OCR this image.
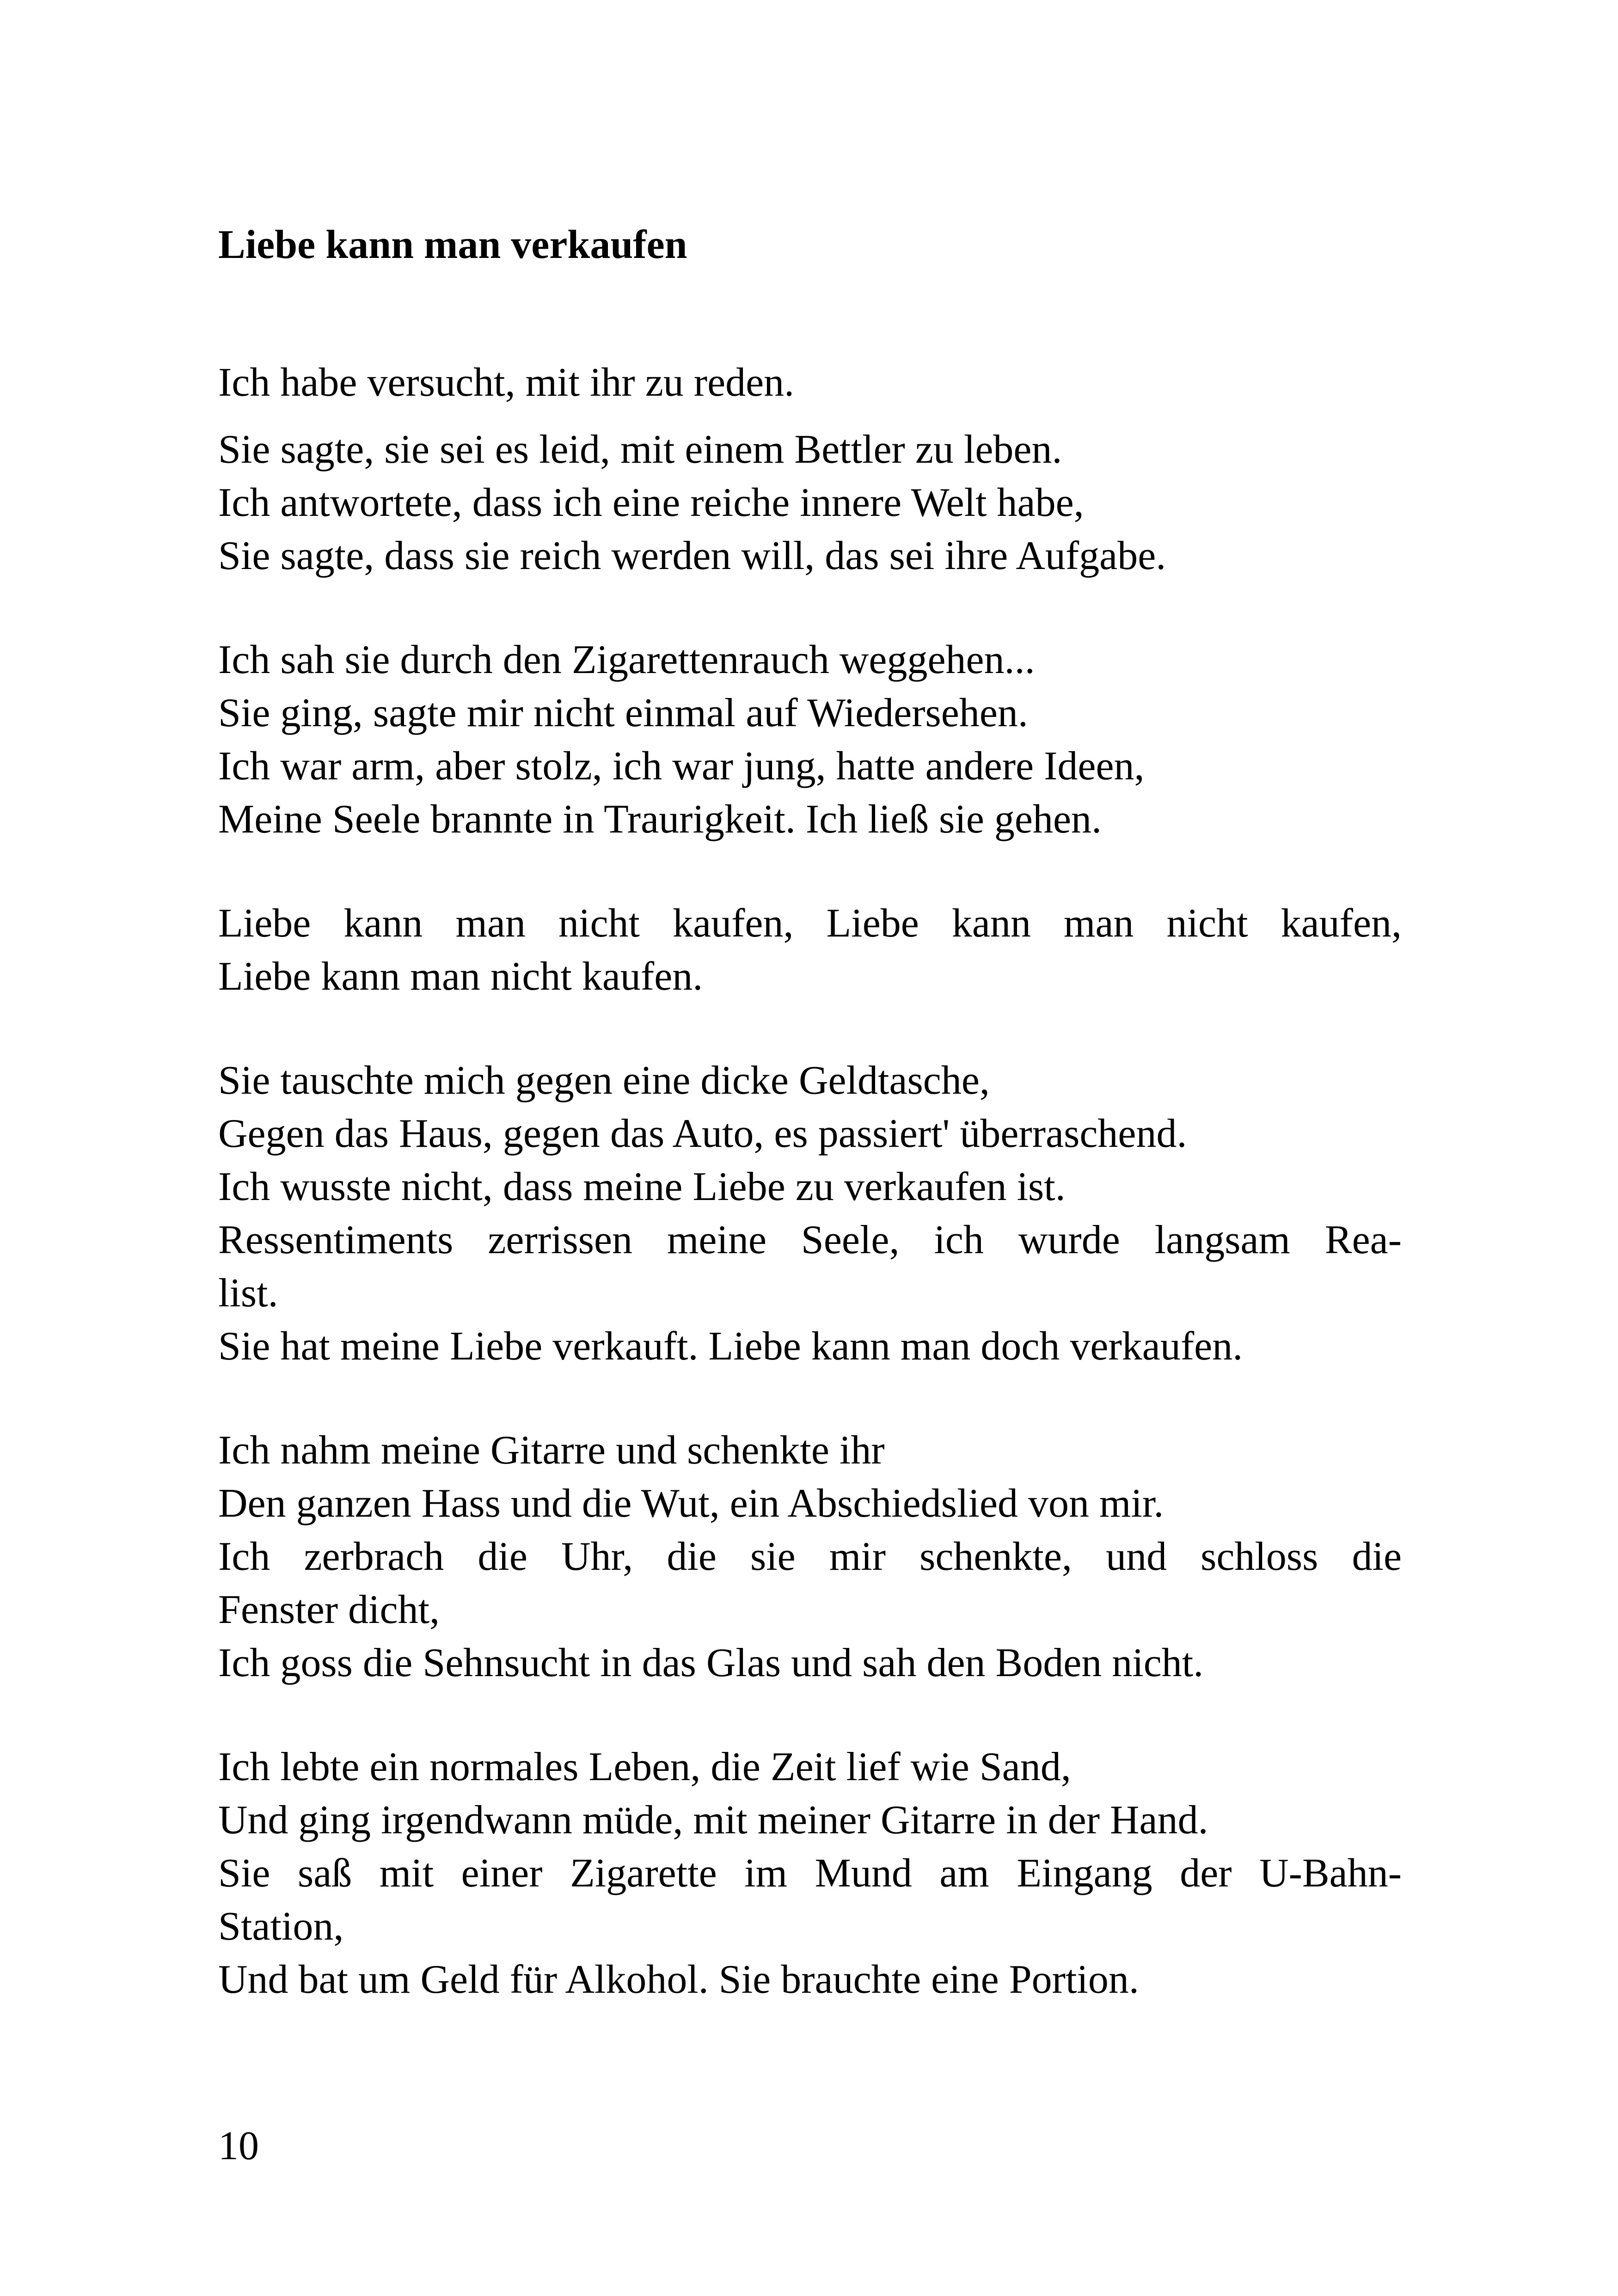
Liebe kann man verkaufen
Ich habe versucht, mit ihr zu reden.
Sie sagte, sie sei es leid, mit einem Bettler zu leben.
Ich antwortete, dass ich eine reiche innere Welt habe,
Sie sagte, dass sie reich werden will, das sei ihre Aufgabe.
Ich sah sie durch den Zigarettenrauch weggehen...
Sie ging, sagte mir nicht einmal auf Wiedersehen.
Ich war arm, aber stolz, ich war jung, hatte andere Ideen,
Meine Seele brannte in Traurigkeit. Ich ließ sie gehen.
Liebe kann man nicht kaufen, Liebe kann man nicht kaufen,
Liebe kann man nicht kaufen.
Sie tauschte mich gegen eine dicke Geldtasche,
Gegen das Haus, gegen das Auto, es passiert' überraschend.
Ich wusste nicht, dass meine Liebe zu verkaufen ist.
Ressentiments zerrissen meine Seele, ich wurde langsam Rea-
list.
Sie hat meine Liebe verkauft. Liebe kann man doch verkaufen.
Ich nahm meine Gitarre und schenkte ihr
Den ganzen Hass und die Wut, ein Abschiedslied von mir.
Ich zerbrach die Uhr, die sie mir schenkte, und schloss die
Fenster dicht,
Ich goss die Sehnsucht in das Glas und sah den Boden nicht.
Ich lebte ein normales Leben, die Zeit lief wie Sand,
Und ging irgendwann müde, mit meiner Gitarre in der Hand.
Sie saß mit einer Zigarette im Mund am Eingang der U-Bahn-
Station,
Und bat um Geld für Alkohol. Sie brauchte eine Portion.
10
